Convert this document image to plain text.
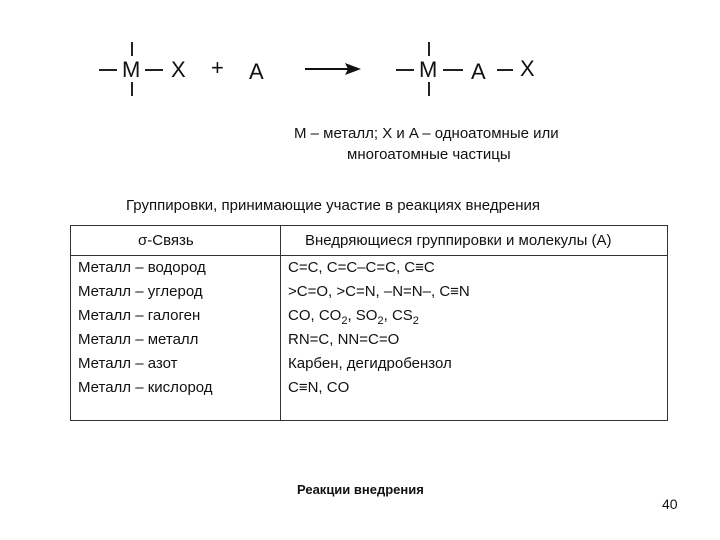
M X + A	M A X
M – металл; X и A – одноатомные или
многоатомные частицы
Группировки, принимающие участие в реакциях внедрения
σ-Связь	Внедряющиеся группировки и молекулы (А)
Металл – водород
Металл – углерод
Металл – галоген
Металл – металл
Металл – азот
Металл – кислород
C=C, C=C–C=C, C≡C
>C=O, >C=N, –N=N–, C≡N
CO, $CO_2$, $SO_2$, $CS_2$
RN=C, NN=C=O
Карбен, дегидробензол
C≡N, CO
Реакции внедрения
40
